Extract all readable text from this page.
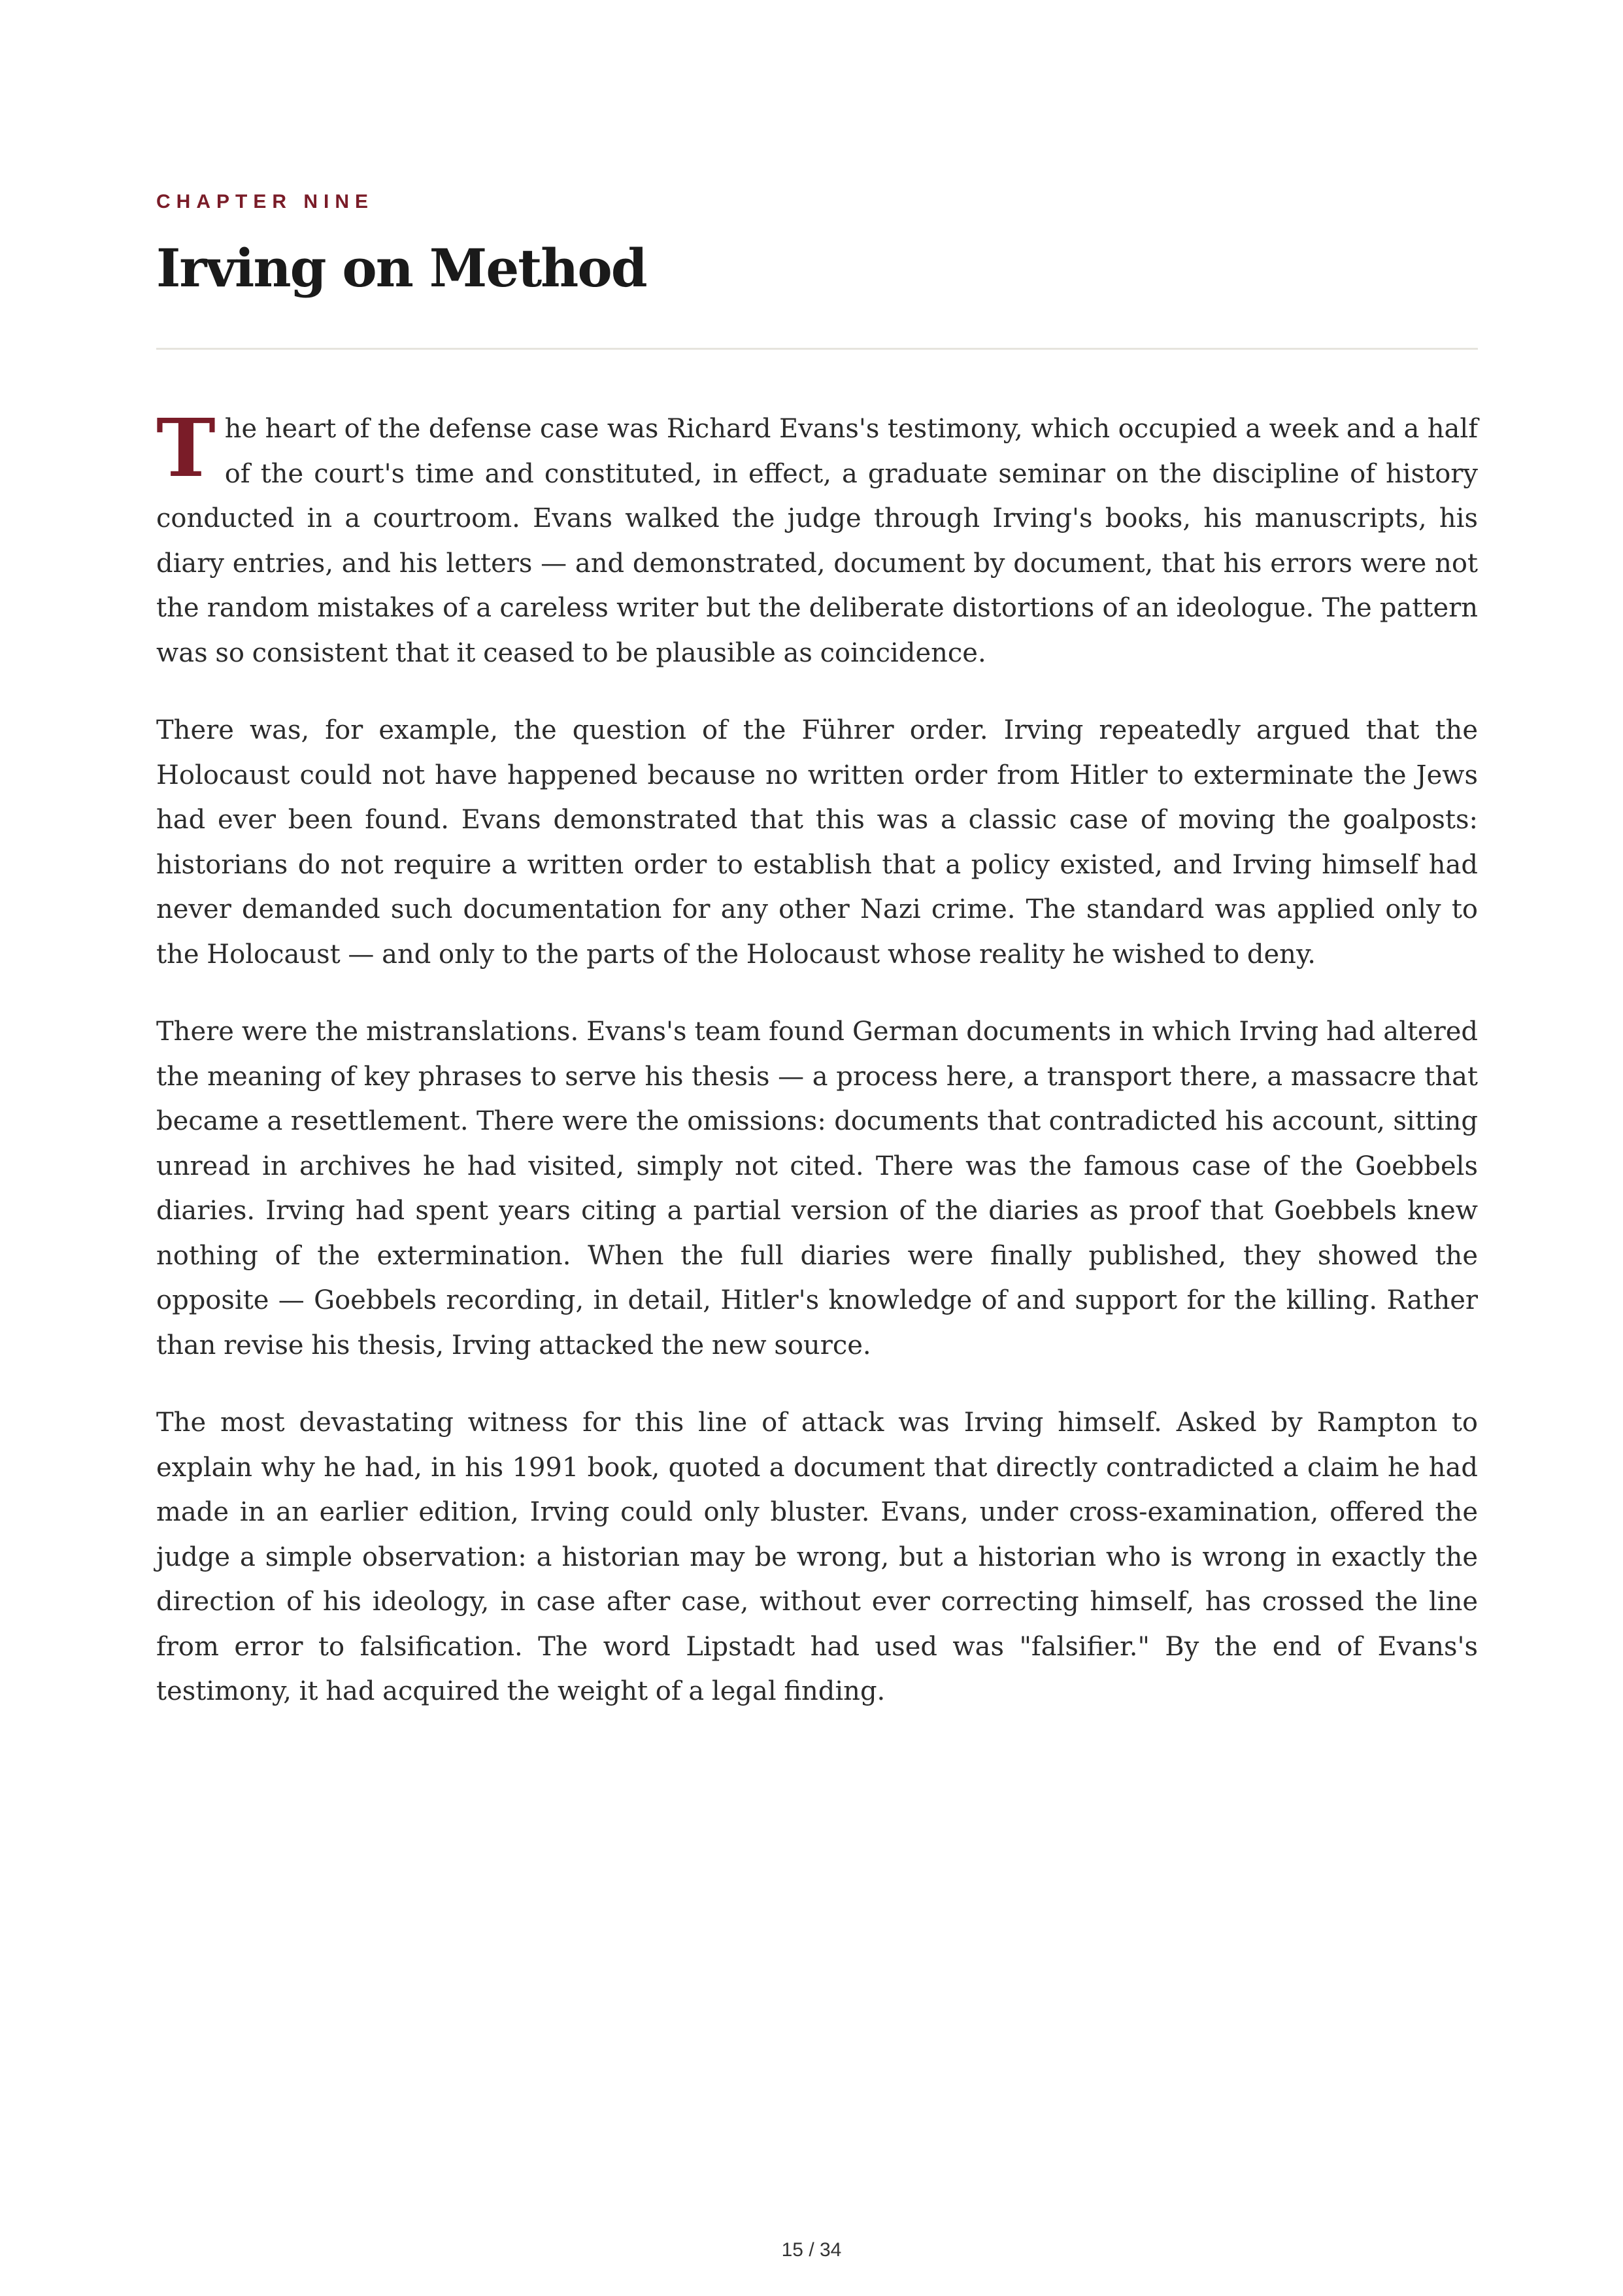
CHAPTER NINE
Irving on Method

The heart of the defense case was Richard Evans's testimony, which occupied a week and a half of the court's time and constituted, in effect, a graduate seminar on the discipline of history conducted in a courtroom. Evans walked the judge through Irving's books, his manuscripts, his diary entries, and his letters — and demonstrated, document by document, that his errors were not the random mistakes of a careless writer but the deliberate distortions of an ideologue. The pattern was so consistent that it ceased to be plausible as coincidence.

There was, for example, the question of the Führer order. Irving repeatedly argued that the Holocaust could not have happened because no written order from Hitler to exterminate the Jews had ever been found. Evans demonstrated that this was a classic case of moving the goalposts: historians do not require a written order to establish that a policy existed, and Irving himself had never demanded such documentation for any other Nazi crime. The standard was applied only to the Holocaust — and only to the parts of the Holocaust whose reality he wished to deny.

There were the mistranslations. Evans's team found German documents in which Irving had altered the meaning of key phrases to serve his thesis — a process here, a transport there, a massacre that became a resettlement. There were the omissions: documents that contradicted his account, sitting unread in archives he had visited, simply not cited. There was the famous case of the Goebbels diaries. Irving had spent years citing a partial version of the diaries as proof that Goebbels knew nothing of the extermination. When the full diaries were finally published, they showed the opposite — Goebbels recording, in detail, Hitler's knowledge of and support for the killing. Rather than revise his thesis, Irving attacked the new source.

The most devastating witness for this line of attack was Irving himself. Asked by Rampton to explain why he had, in his 1991 book, quoted a document that directly contradicted a claim he had made in an earlier edition, Irving could only bluster. Evans, under cross-examination, offered the judge a simple observation: a historian may be wrong, but a historian who is wrong in exactly the direction of his ideology, in case after case, without ever correcting himself, has crossed the line from error to falsification. The word Lipstadt had used was "falsifier." By the end of Evans's testimony, it had acquired the weight of a legal finding.

15 / 34
